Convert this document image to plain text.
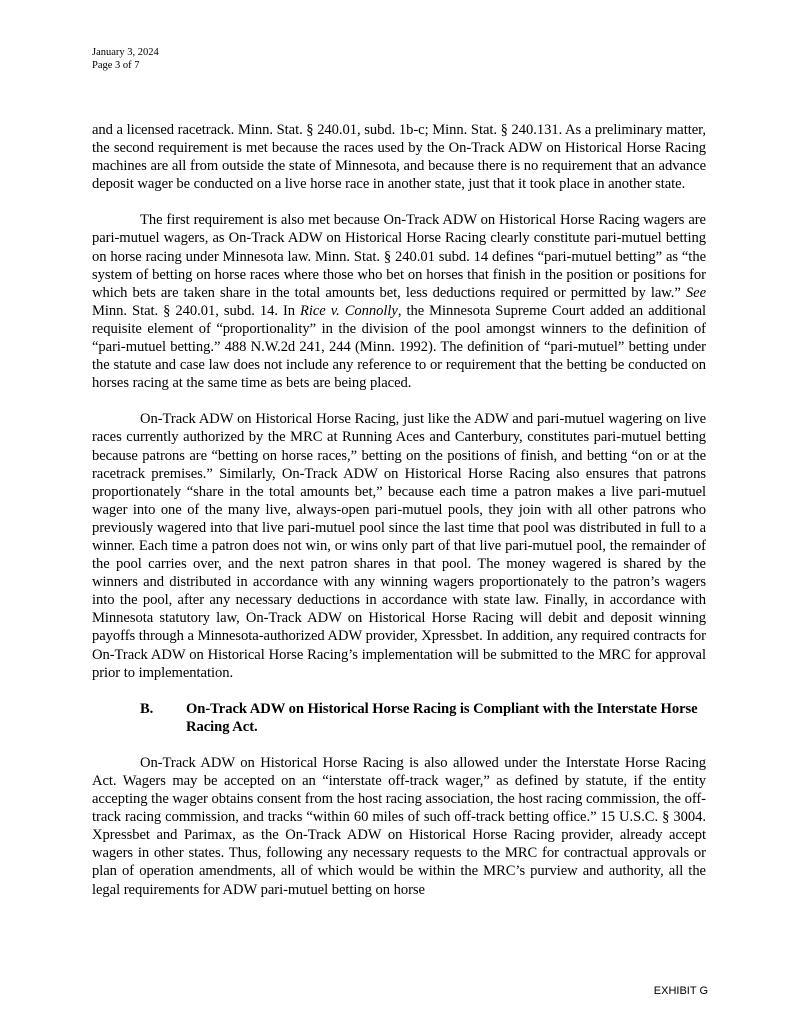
January 3, 2024
Page 3 of 7

and a licensed racetrack. Minn. Stat. § 240.01, subd. 1b-c; Minn. Stat. § 240.131. As a preliminary matter, the second requirement is met because the races used by the On-Track ADW on Historical Horse Racing machines are all from outside the state of Minnesota, and because there is no requirement that an advance deposit wager be conducted on a live horse race in another state, just that it took place in another state.

The first requirement is also met because On-Track ADW on Historical Horse Racing wagers are pari-mutuel wagers, as On-Track ADW on Historical Horse Racing clearly constitute pari-mutuel betting on horse racing under Minnesota law. Minn. Stat. § 240.01 subd. 14 defines “pari-mutuel betting” as “the system of betting on horse races where those who bet on horses that finish in the position or positions for which bets are taken share in the total amounts bet, less deductions required or permitted by law.” See Minn. Stat. § 240.01, subd. 14. In Rice v. Connolly, the Minnesota Supreme Court added an additional requisite element of “proportionality” in the division of the pool amongst winners to the definition of “pari-mutuel betting.” 488 N.W.2d 241, 244 (Minn. 1992). The definition of “pari-mutuel” betting under the statute and case law does not include any reference to or requirement that the betting be conducted on horses racing at the same time as bets are being placed.

On-Track ADW on Historical Horse Racing, just like the ADW and pari-mutuel wagering on live races currently authorized by the MRC at Running Aces and Canterbury, constitutes pari-mutuel betting because patrons are “betting on horse races,” betting on the positions of finish, and betting “on or at the racetrack premises.” Similarly, On-Track ADW on Historical Horse Racing also ensures that patrons proportionately “share in the total amounts bet,” because each time a patron makes a live pari-mutuel wager into one of the many live, always-open pari-mutuel pools, they join with all other patrons who previously wagered into that live pari-mutuel pool since the last time that pool was distributed in full to a winner. Each time a patron does not win, or wins only part of that live pari-mutuel pool, the remainder of the pool carries over, and the next patron shares in that pool. The money wagered is shared by the winners and distributed in accordance with any winning wagers proportionately to the patron’s wagers into the pool, after any necessary deductions in accordance with state law. Finally, in accordance with Minnesota statutory law, On-Track ADW on Historical Horse Racing will debit and deposit winning payoffs through a Minnesota-authorized ADW provider, Xpressbet. In addition, any required contracts for On-Track ADW on Historical Horse Racing’s implementation will be submitted to the MRC for approval prior to implementation.

B.	On-Track ADW on Historical Horse Racing is Compliant with the Interstate Horse Racing Act.

On-Track ADW on Historical Horse Racing is also allowed under the Interstate Horse Racing Act. Wagers may be accepted on an “interstate off-track wager,” as defined by statute, if the entity accepting the wager obtains consent from the host racing association, the host racing commission, the off-track racing commission, and tracks “within 60 miles of such off-track betting office.” 15 U.S.C. § 3004. Xpressbet and Parimax, as the On-Track ADW on Historical Horse Racing provider, already accept wagers in other states. Thus, following any necessary requests to the MRC for contractual approvals or plan of operation amendments, all of which would be within the MRC’s purview and authority, all the legal requirements for ADW pari-mutuel betting on horse

EXHIBIT G
